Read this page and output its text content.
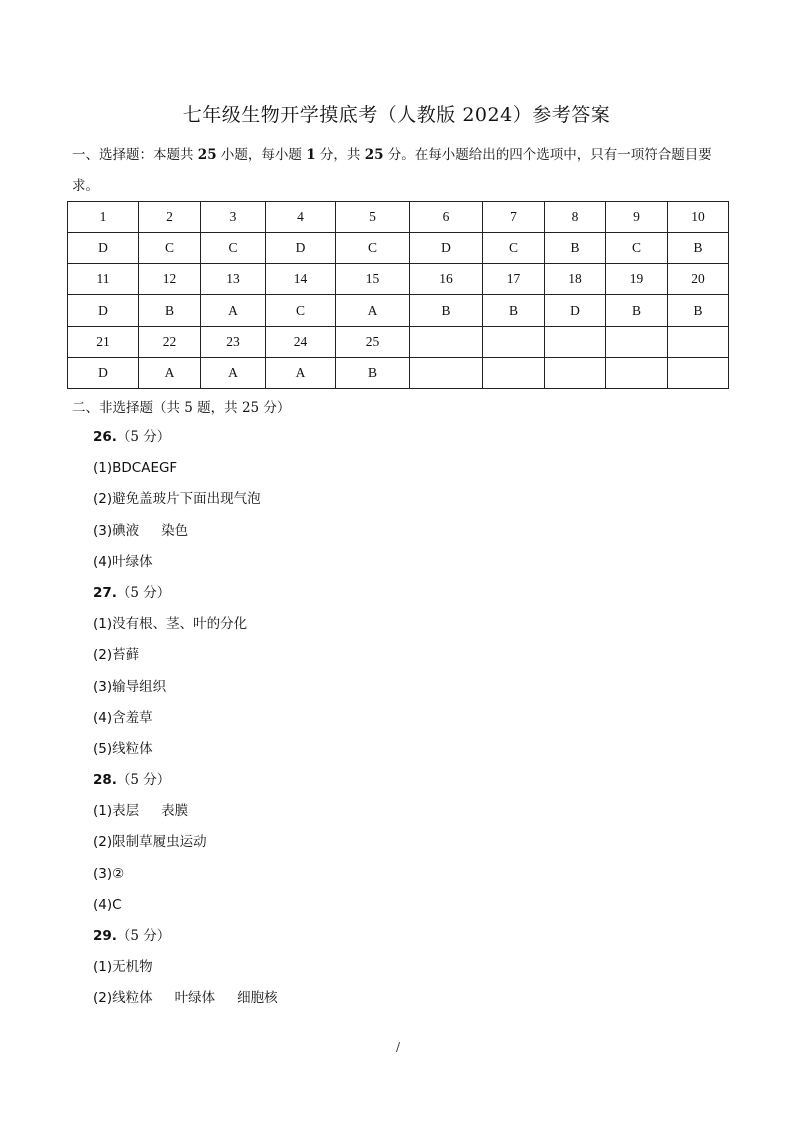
七年级生物开学摸底考（人教版 2024）参考答案
一、选择题：本题共 25 小题，每小题 1 分，共 25 分。在每小题给出的四个选项中，只有一项符合题目要求。
1	2	3	4	5	6	7	8	9	10
D	C	C	D	C	D	C	B	C	B
11	12	13	14	15	16	17	18	19	20
D	B	A	C	A	B	B	D	B	B
21	22	23	24	25					
D	A	A	A	B					
二、非选择题（共 5 题，共 25 分）
26.（5 分）
(1)BDCAEGF
(2)避免盖玻片下面出现气泡
(3)碘液 染色
(4)叶绿体
27.（5 分）
(1)没有根、茎、叶的分化
(2)苔藓
(3)输导组织
(4)含羞草
(5)线粒体
28.（5 分）
(1)表层 表膜
(2)限制草履虫运动
(3)②
(4)C
29.（5 分）
(1)无机物
(2)线粒体 叶绿体 细胞核
/
